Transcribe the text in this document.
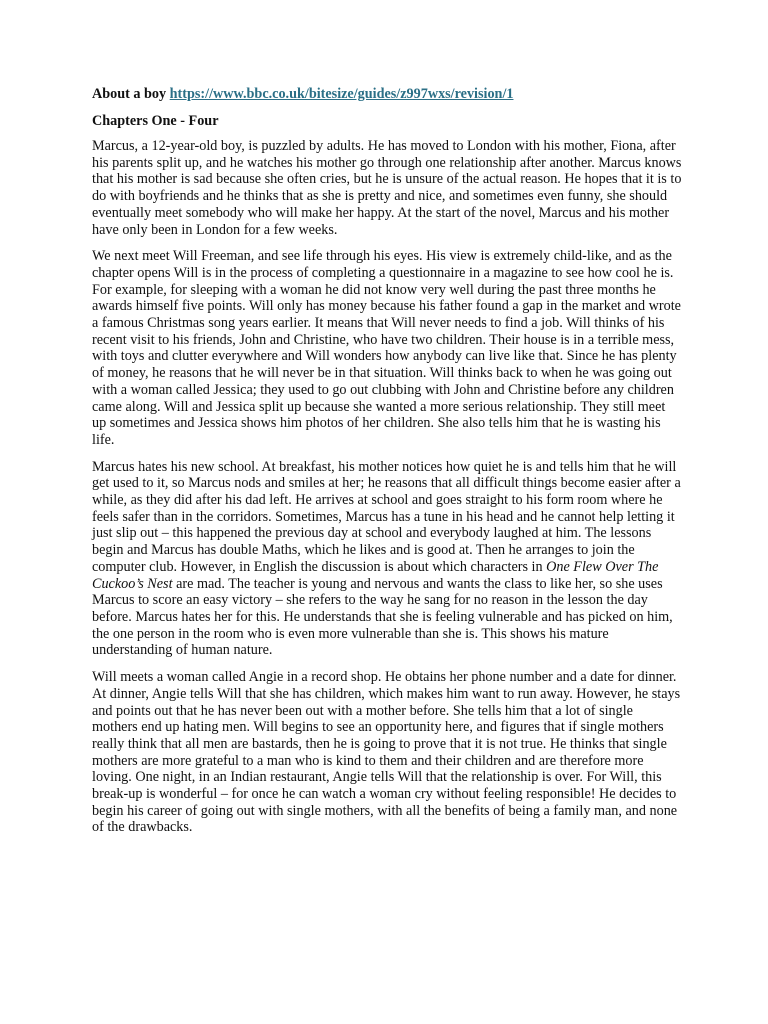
About a boy https://www.bbc.co.uk/bitesize/guides/z997wxs/revision/1

Chapters One - Four

Marcus, a 12-year-old boy, is puzzled by adults. He has moved to London with his mother, Fiona, after his parents split up, and he watches his mother go through one relationship after another. Marcus knows that his mother is sad because she often cries, but he is unsure of the actual reason. He hopes that it is to do with boyfriends and he thinks that as she is pretty and nice, and sometimes even funny, she should eventually meet somebody who will make her happy. At the start of the novel, Marcus and his mother have only been in London for a few weeks.

We next meet Will Freeman, and see life through his eyes. His view is extremely child-like, and as the chapter opens Will is in the process of completing a questionnaire in a magazine to see how cool he is. For example, for sleeping with a woman he did not know very well during the past three months he awards himself five points. Will only has money because his father found a gap in the market and wrote a famous Christmas song years earlier. It means that Will never needs to find a job. Will thinks of his recent visit to his friends, John and Christine, who have two children. Their house is in a terrible mess, with toys and clutter everywhere and Will wonders how anybody can live like that. Since he has plenty of money, he reasons that he will never be in that situation. Will thinks back to when he was going out with a woman called Jessica; they used to go out clubbing with John and Christine before any children came along. Will and Jessica split up because she wanted a more serious relationship. They still meet up sometimes and Jessica shows him photos of her children. She also tells him that he is wasting his life.

Marcus hates his new school. At breakfast, his mother notices how quiet he is and tells him that he will get used to it, so Marcus nods and smiles at her; he reasons that all difficult things become easier after a while, as they did after his dad left. He arrives at school and goes straight to his form room where he feels safer than in the corridors. Sometimes, Marcus has a tune in his head and he cannot help letting it just slip out – this happened the previous day at school and everybody laughed at him. The lessons begin and Marcus has double Maths, which he likes and is good at. Then he arranges to join the computer club. However, in English the discussion is about which characters in One Flew Over The Cuckoo’s Nest are mad. The teacher is young and nervous and wants the class to like her, so she uses Marcus to score an easy victory – she refers to the way he sang for no reason in the lesson the day before. Marcus hates her for this. He understands that she is feeling vulnerable and has picked on him, the one person in the room who is even more vulnerable than she is. This shows his mature understanding of human nature.

Will meets a woman called Angie in a record shop. He obtains her phone number and a date for dinner. At dinner, Angie tells Will that she has children, which makes him want to run away. However, he stays and points out that he has never been out with a mother before. She tells him that a lot of single mothers end up hating men. Will begins to see an opportunity here, and figures that if single mothers really think that all men are bastards, then he is going to prove that it is not true. He thinks that single mothers are more grateful to a man who is kind to them and their children and are therefore more loving. One night, in an Indian restaurant, Angie tells Will that the relationship is over. For Will, this break-up is wonderful – for once he can watch a woman cry without feeling responsible! He decides to begin his career of going out with single mothers, with all the benefits of being a family man, and none of the drawbacks.
